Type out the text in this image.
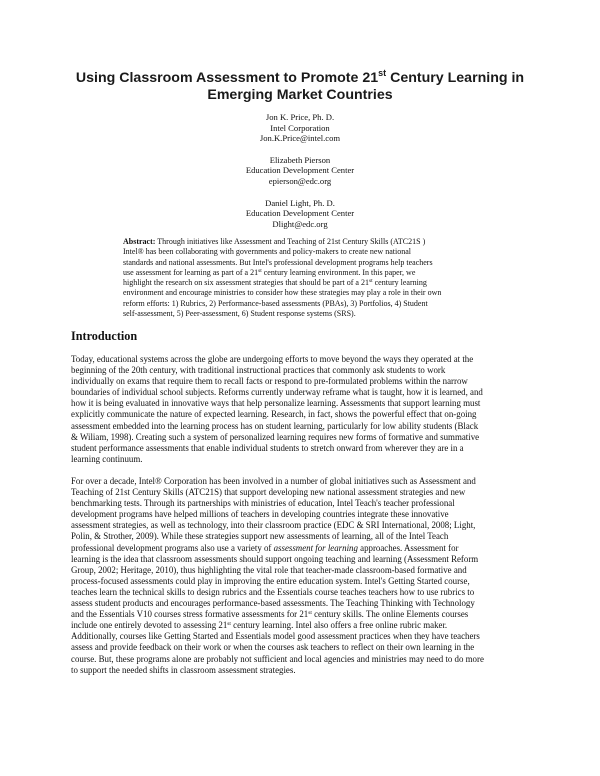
Using Classroom Assessment to Promote 21st Century Learning in
Emerging Market Countries
Jon K. Price, Ph. D.
Intel Corporation
Jon.K.Price@intel.com
Elizabeth Pierson
Education Development Center
epierson@edc.org
Daniel Light, Ph. D.
Education Development Center
Dlight@edc.org
Abstract: Through initiatives like Assessment and Teaching of 21st Century Skills (ATC21S )
Intel® has been collaborating with governments and policy-makers to create new national
standards and national assessments. But Intel's professional development programs help teachers
use assessment for learning as part of a 21st century learning environment. In this paper, we
highlight the research on six assessment strategies that should be part of a 21st century learning
environment and encourage ministries to consider how these strategies may play a role in their own
reform efforts: 1) Rubrics, 2) Performance-based assessments (PBAs), 3) Portfolios, 4) Student
self-assessment, 5) Peer-assessment, 6) Student response systems (SRS).
Introduction
Today, educational systems across the globe are undergoing efforts to move beyond the ways they operated at the
beginning of the 20th century, with traditional instructional practices that commonly ask students to work
individually on exams that require them to recall facts or respond to pre-formulated problems within the narrow
boundaries of individual school subjects. Reforms currently underway reframe what is taught, how it is learned, and
how it is being evaluated in innovative ways that help personalize learning. Assessments that support learning must
explicitly communicate the nature of expected learning. Research, in fact, shows the powerful effect that on-going
assessment embedded into the learning process has on student learning, particularly for low ability students (Black
& Wiliam, 1998). Creating such a system of personalized learning requires new forms of formative and summative
student performance assessments that enable individual students to stretch onward from wherever they are in a
learning continuum.
For over a decade, Intel® Corporation has been involved in a number of global initiatives such as Assessment and
Teaching of 21st Century Skills (ATC21S) that support developing new national assessment strategies and new
benchmarking tests. Through its partnerships with ministries of education, Intel Teach's teacher professional
development programs have helped millions of teachers in developing countries integrate these innovative
assessment strategies, as well as technology, into their classroom practice (EDC & SRI International, 2008; Light,
Polin, & Strother, 2009). While these strategies support new assessments of learning, all of the Intel Teach
professional development programs also use a variety of assessment for learning approaches. Assessment for
learning is the idea that classroom assessments should support ongoing teaching and learning (Assessment Reform
Group, 2002; Heritage, 2010), thus highlighting the vital role that teacher-made classroom-based formative and
process-focused assessments could play in improving the entire education system. Intel's Getting Started course,
teaches learn the technical skills to design rubrics and the Essentials course teaches teachers how to use rubrics to
assess student products and encourages performance-based assessments. The Teaching Thinking with Technology
and the Essentials V10 courses stress formative assessments for 21st century skills. The online Elements courses
include one entirely devoted to assessing 21st century learning. Intel also offers a free online rubric maker.
Additionally, courses like Getting Started and Essentials model good assessment practices when they have teachers
assess and provide feedback on their work or when the courses ask teachers to reflect on their own learning in the
course. But, these programs alone are probably not sufficient and local agencies and ministries may need to do more
to support the needed shifts in classroom assessment strategies.
